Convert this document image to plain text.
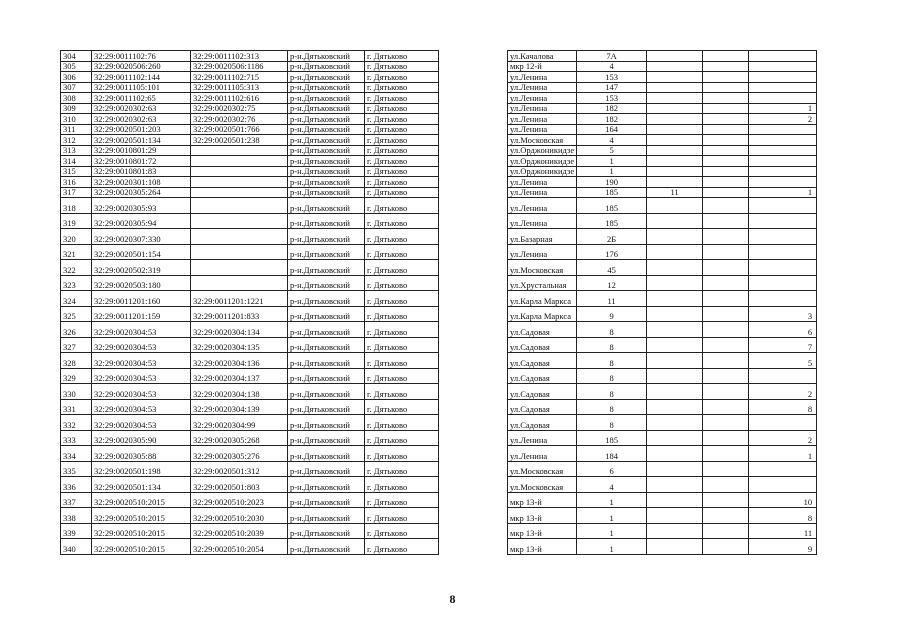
304	32:29:0011102:76	32:29:0011102:313	р-н.Дятьковский	г. Дятьково		ул.Качалова	7А			
305	32:29:0020506:260	32:29:0020506:1186	р-н.Дятьковский	г. Дятьково		мкр 12-й	4			
306	32:29:0011102:144	32:29:0011102:715	р-н.Дятьковский	г. Дятьково		ул.Ленина	153			
307	32:29:0011105:101	32:29:0011105:313	р-н.Дятьковский	г. Дятьково		ул.Ленина	147			
308	32:29:0011102:65	32:29:0011102:616	р-н.Дятьковский	г. Дятьково		ул.Ленина	153			
309	32:29:0020302:63	32:29:0020302:75	р-н.Дятьковский	г. Дятьково		ул.Ленина	182			1
310	32:29:0020302:63	32:29:0020302:76	р-н.Дятьковский	г. Дятьково		ул.Ленина	182			2
311	32:29:0020501:203	32:29:0020501:766	р-н.Дятьковский	г. Дятьково		ул.Ленина	164			
312	32:29:0020501:134	32:29:0020501:238	р-н.Дятьковский	г. Дятьково		ул.Московская	4			
313	32:29:0010801:29		р-н.Дятьковский	г. Дятьково		ул.Орджоникидзе	5			
314	32:29:0010801:72		р-н.Дятьковский	г. Дятьково		ул.Орджоникидзе	1			
315	32:29:0010801:83		р-н.Дятьковский	г. Дятьково		ул.Орджоникидзе	1			
316	32:29:0020301:108		р-н.Дятьковский	г. Дятьково		ул.Ленина	190			
317	32:29:0020305:264		р-н.Дятьковский	г. Дятьково		ул.Ленина	185	11		1
318	32:29:0020305:93		р-н.Дятьковский	г. Дятьково		ул.Ленина	185			
319	32:29:0020305:94		р-н.Дятьковский	г. Дятьково		ул.Ленина	185			
320	32:29:0020307:330		р-н.Дятьковский	г. Дятьково		ул.Базарная	2Б			
321	32:29:0020501:154		р-н.Дятьковский	г. Дятьково		ул.Ленина	176			
322	32:29:0020502:319		р-н.Дятьковский	г. Дятьково		ул.Московская	45			
323	32:29:0020503:180		р-н.Дятьковский	г. Дятьково		ул.Хрустальная	12			
324	32:29:0011201:160	32:29:0011201:1221	р-н.Дятьковский	г. Дятьково		ул.Карла Маркса	11			
325	32:29:0011201:159	32:29:0011201:833	р-н.Дятьковский	г. Дятьково		ул.Карла Маркса	9			3
326	32:29:0020304:53	32:29:0020304:134	р-н.Дятьковский	г. Дятьково		ул.Садовая	8			6
327	32:29:0020304:53	32:29:0020304:135	р-н.Дятьковский	г. Дятьково		ул.Садовая	8			7
328	32:29:0020304:53	32:29:0020304:136	р-н.Дятьковский	г. Дятьково		ул.Садовая	8			5
329	32:29:0020304:53	32:29:0020304:137	р-н.Дятьковский	г. Дятьково		ул.Садовая	8			
330	32:29:0020304:53	32:29:0020304:138	р-н.Дятьковский	г. Дятьково		ул.Садовая	8			2
331	32:29:0020304:53	32:29:0020304:139	р-н.Дятьковский	г. Дятьково		ул.Садовая	8			8
332	32:29:0020304:53	32:29:0020304:99	р-н.Дятьковский	г. Дятьково		ул.Садовая	8			
333	32:29:0020305:90	32:29:0020305:268	р-н.Дятьковский	г. Дятьково		ул.Ленина	185			2
334	32:29:0020305:88	32:29:0020305:276	р-н.Дятьковский	г. Дятьково		ул.Ленина	184			1
335	32:29:0020501:198	32:29:0020501:312	р-н.Дятьковский	г. Дятьково		ул.Московская	6			
336	32:29:0020501:134	32:29:0020501:803	р-н.Дятьковский	г. Дятьково		ул.Московская	4			
337	32:29:0020510:2015	32:29:0020510:2023	р-н.Дятьковский	г. Дятьково		мкр 13-й	1			10
338	32:29:0020510:2015	32:29:0020510:2030	р-н.Дятьковский	г. Дятьково		мкр 13-й	1			8
339	32:29:0020510:2015	32:29:0020510:2039	р-н.Дятьковский	г. Дятьково		мкр 13-й	1			11
340	32:29:0020510:2015	32:29:0020510:2054	р-н.Дятьковский	г. Дятьково		мкр 13-й	1			9
8
